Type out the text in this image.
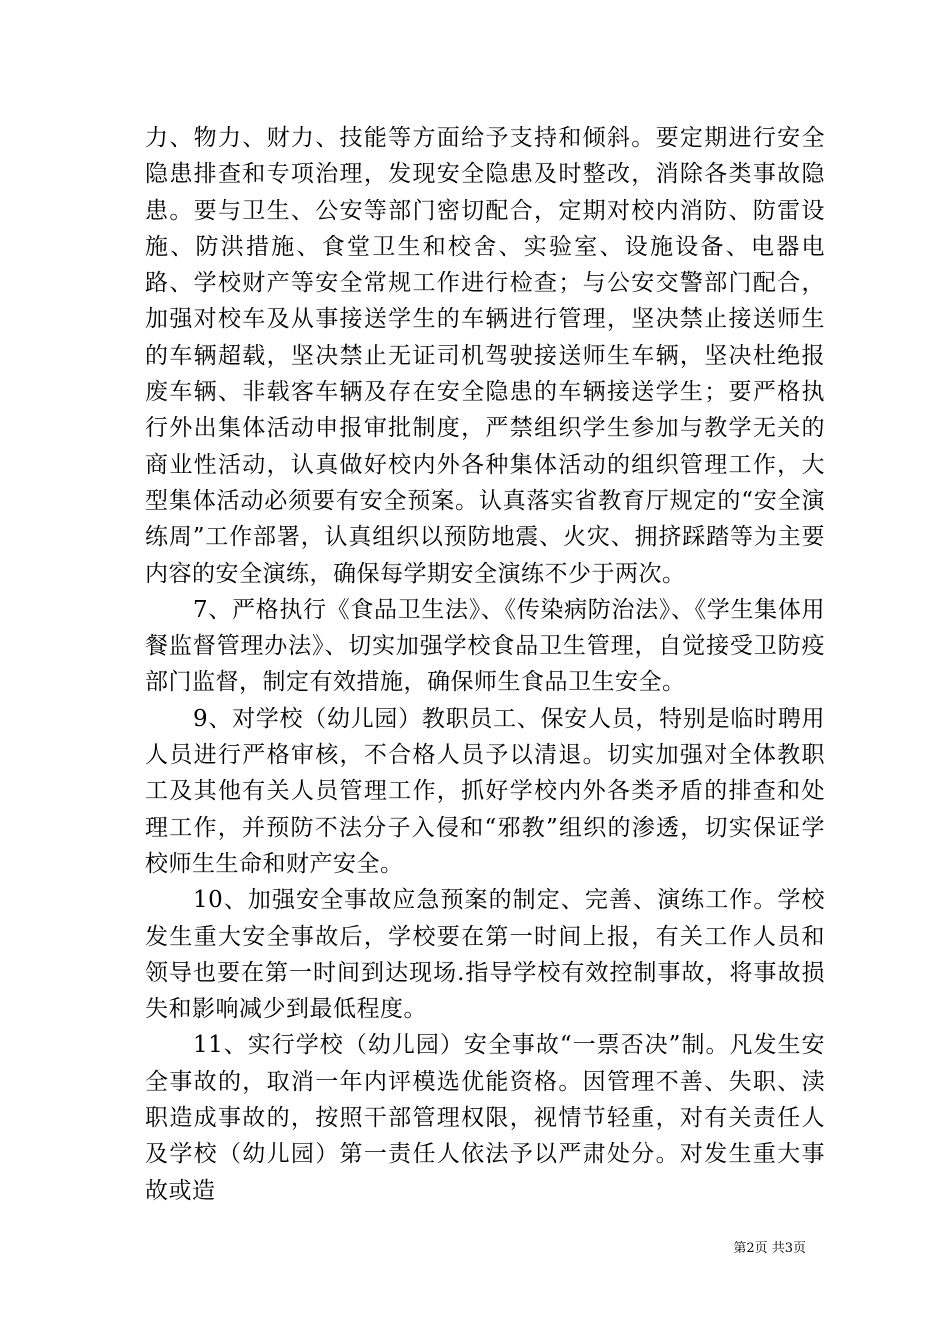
力、物力、财力、技能等方面给予支持和倾斜。要定期进行安全隐患排查和专项治理，发现安全隐患及时整改，消除各类事故隐患。要与卫生、公安等部门密切配合，定期对校内消防、防雷设施、防洪措施、食堂卫生和校舍、实验室、设施设备、电器电路、学校财产等安全常规工作进行检查；与公安交警部门配合，加强对校车及从事接送学生的车辆进行管理，坚决禁止接送师生的车辆超载，坚决禁止无证司机驾驶接送师生车辆，坚决杜绝报废车辆、非载客车辆及存在安全隐患的车辆接送学生；要严格执行外出集体活动申报审批制度，严禁组织学生参加与教学无关的商业性活动，认真做好校内外各种集体活动的组织管理工作，大型集体活动必须要有安全预案。认真落实省教育厅规定的“安全演练周”工作部署，认真组织以预防地震、火灾、拥挤踩踏等为主要内容的安全演练，确保每学期安全演练不少于两次。

7、严格执行《食品卫生法》、《传染病防治法》、《学生集体用餐监督管理办法》、切实加强学校食品卫生管理，自觉接受卫防疫部门监督，制定有效措施，确保师生食品卫生安全。

9、对学校（幼儿园）教职员工、保安人员，特别是临时聘用人员进行严格审核，不合格人员予以清退。切实加强对全体教职工及其他有关人员管理工作，抓好学校内外各类矛盾的排查和处理工作，并预防不法分子入侵和“邪教”组织的渗透，切实保证学校师生生命和财产安全。

10、加强安全事故应急预案的制定、完善、演练工作。学校发生重大安全事故后，学校要在第一时间上报，有关工作人员和领导也要在第一时间到达现场.指导学校有效控制事故，将事故损失和影响减少到最低程度。

11、实行学校（幼儿园）安全事故“一票否决”制。凡发生安全事故的，取消一年内评模选优能资格。因管理不善、失职、渎职造成事故的，按照干部管理权限，视情节轻重，对有关责任人及学校（幼儿园）第一责任人依法予以严肃处分。对发生重大事故或造

第2页 共3页
